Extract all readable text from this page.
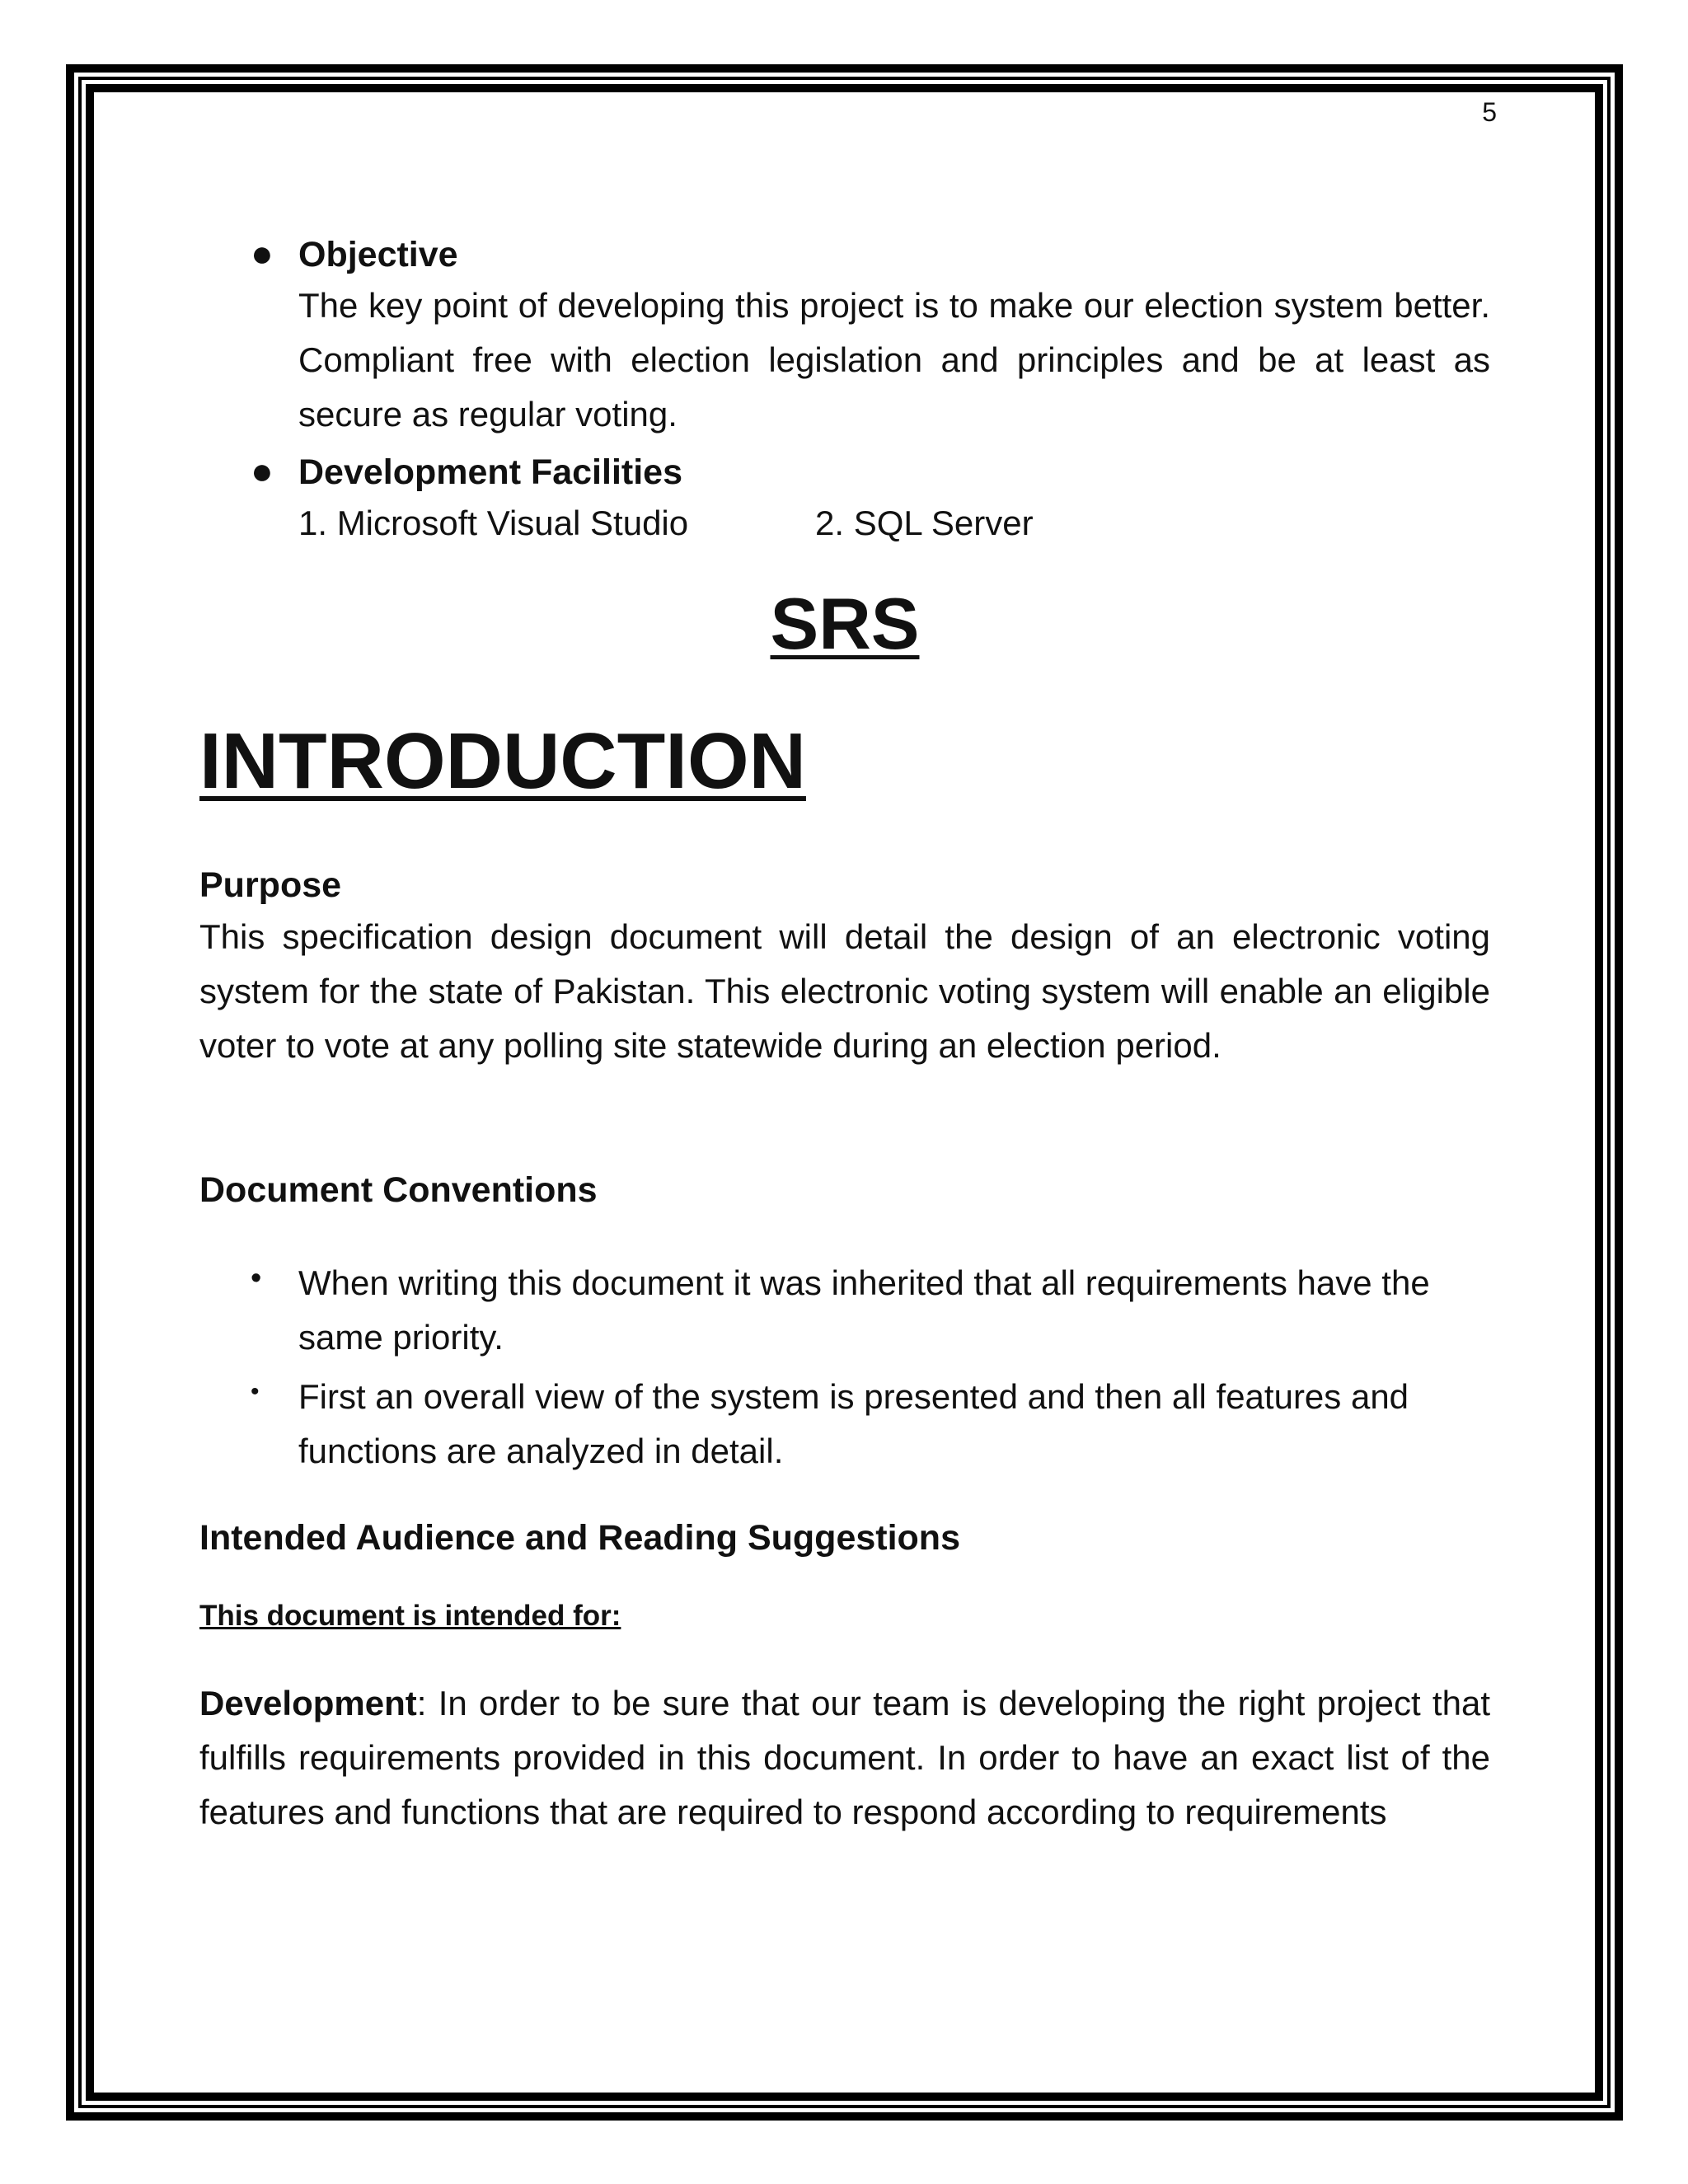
5
● Objective
The key point of developing this project is to make our election system better. Compliant free with election legislation and principles and be at least as secure as regular voting.
● Development Facilities
1. Microsoft Visual Studio	2. SQL Server
SRS
INTRODUCTION
Purpose
This specification design document will detail the design of an electronic voting system for the state of Pakistan. This electronic voting system will enable an eligible voter to vote at any polling site statewide during an election period.
Document Conventions
• When writing this document it was inherited that all requirements have the same priority.
• First an overall view of the system is presented and then all features and functions are analyzed in detail.
Intended Audience and Reading Suggestions
This document is intended for:
Development: In order to be sure that our team is developing the right project that fulfills requirements provided in this document. In order to have an exact list of the features and functions that are required to respond according to requirements
